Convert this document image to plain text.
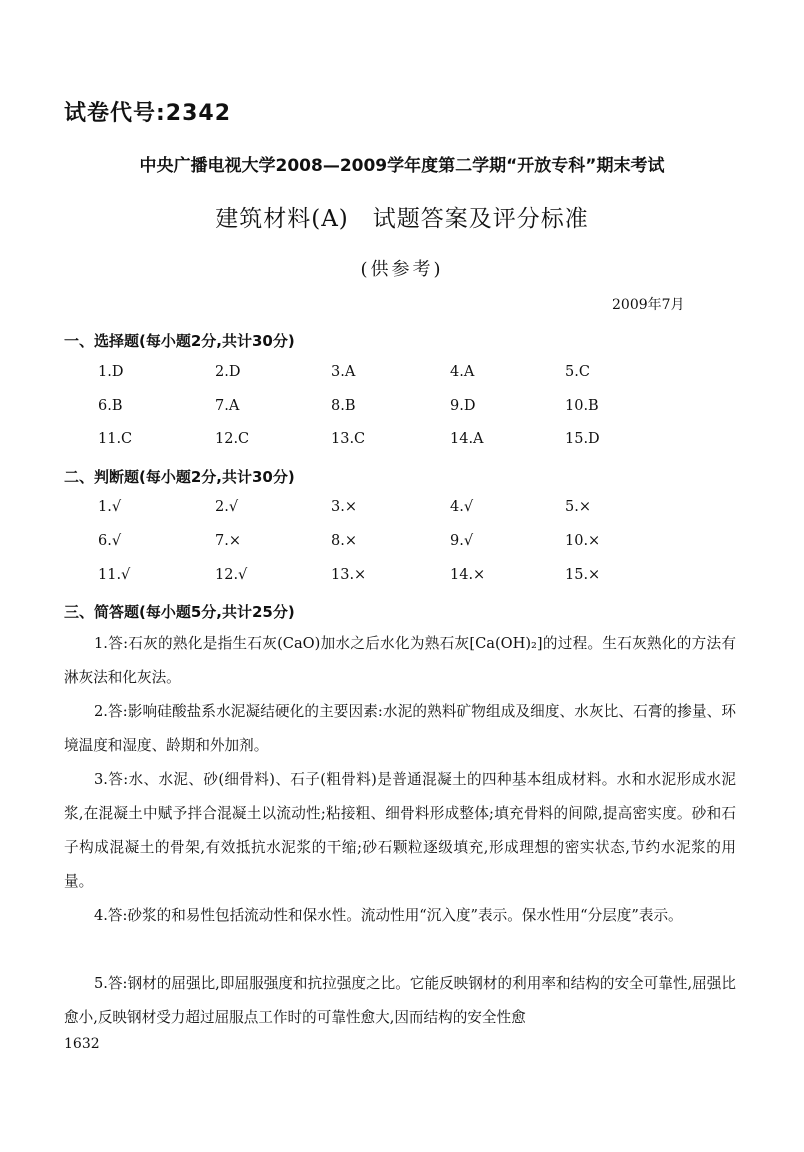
试卷代号:2342
中央广播电视大学2008—2009学年度第二学期“开放专科”期末考试
建筑材料(A)　试题答案及评分标准
(供参考)
2009年7月
一、选择题(每小题2分,共计30分)
1.D	2.D	3.A	4.A	5.C
6.B	7.A	8.B	9.D	10.B
11.C	12.C	13.C	14.A	15.D
二、判断题(每小题2分,共计30分)
1.√	2.√	3.×	4.√	5.×
6.√	7.×	8.×	9.√	10.×
11.√	12.√	13.×	14.×	15.×
三、简答题(每小题5分,共计25分)
1.答:石灰的熟化是指生石灰(CaO)加水之后水化为熟石灰[Ca(OH)₂]的过程。生石灰熟化的方法有淋灰法和化灰法。
2.答:影响硅酸盐系水泥凝结硬化的主要因素:水泥的熟料矿物组成及细度、水灰比、石膏的掺量、环境温度和湿度、龄期和外加剂。
3.答:水、水泥、砂(细骨料)、石子(粗骨料)是普通混凝土的四种基本组成材料。水和水泥形成水泥浆,在混凝土中赋予拌合混凝土以流动性;粘接粗、细骨料形成整体;填充骨料的间隙,提高密实度。砂和石子构成混凝土的骨架,有效抵抗水泥浆的干缩;砂石颗粒逐级填充,形成理想的密实状态,节约水泥浆的用量。
4.答:砂浆的和易性包括流动性和保水性。流动性用“沉入度”表示。保水性用“分层度”表示。
5.答:钢材的屈强比,即屈服强度和抗拉强度之比。它能反映钢材的利用率和结构的安全可靠性,屈强比愈小,反映钢材受力超过屈服点工作时的可靠性愈大,因而结构的安全性愈
1632
